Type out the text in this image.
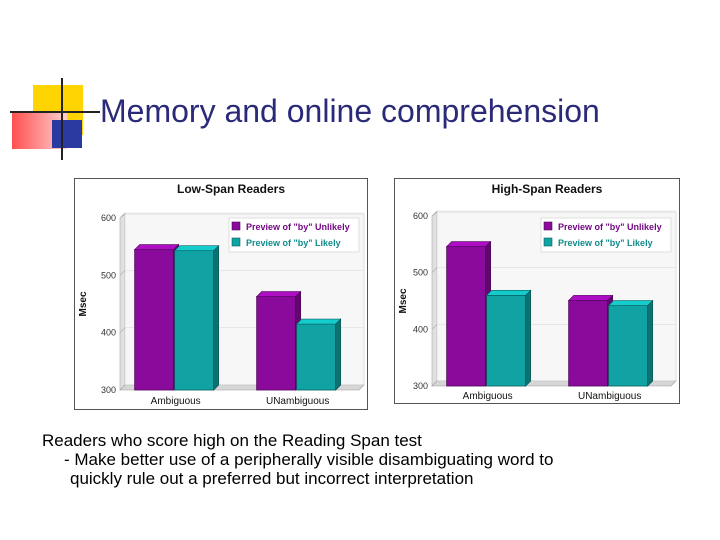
Memory and online comprehension
300
400
500
600
Low-Span Readers
Msec
Ambiguous	UNambiguous
Preview of "by" Unlikely
Preview of "by" Likely
300
400
500
600
High-Span Readers
Msec
Ambiguous	UNambiguous
Preview of "by" Unlikely
Preview of "by" Likely
Readers who score high on the Reading Span test
- Make better use of a peripherally visible disambiguating word to
quickly rule out a preferred but incorrect interpretation
